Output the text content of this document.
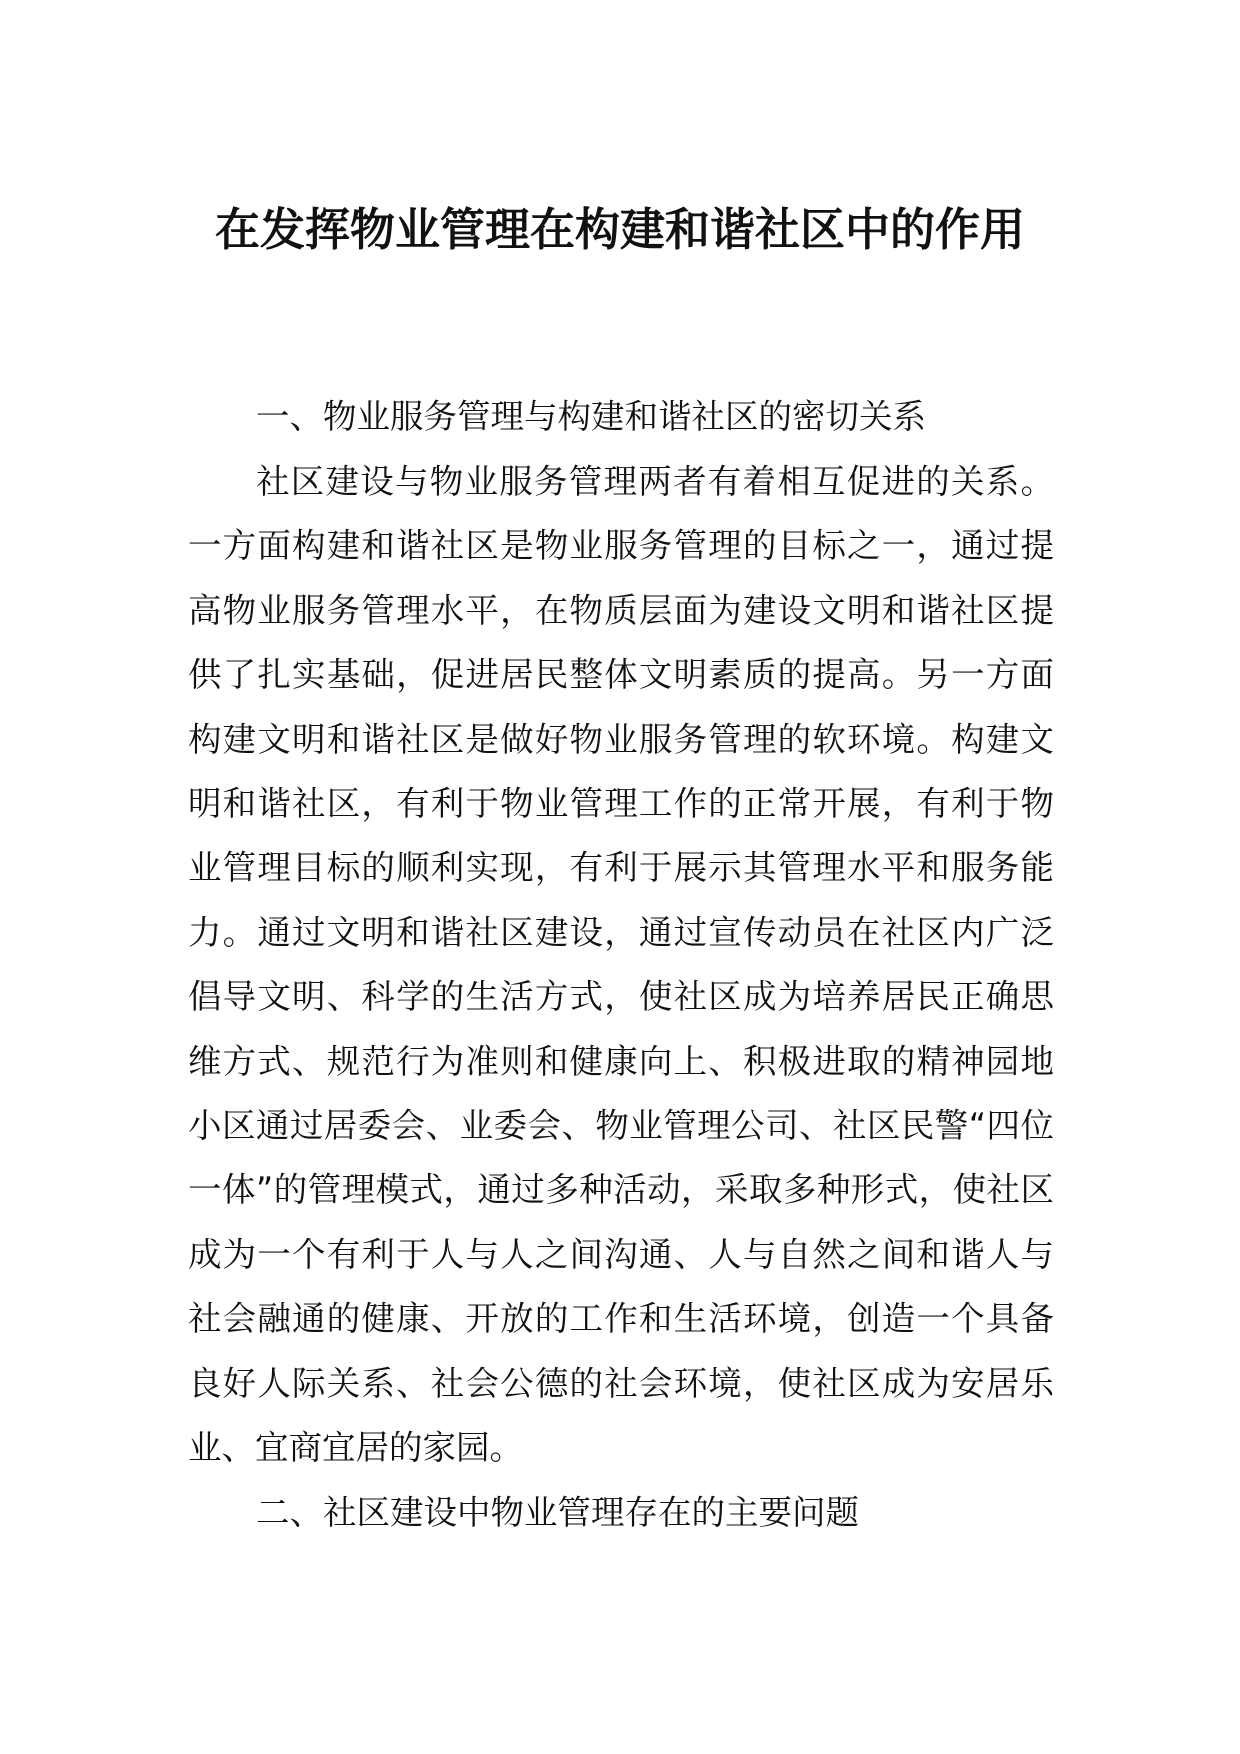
在发挥物业管理在构建和谐社区中的作用

一、物业服务管理与构建和谐社区的密切关系

社区建设与物业服务管理两者有着相互促进的关系。一方面构建和谐社区是物业服务管理的目标之一，通过提高物业服务管理水平，在物质层面为建设文明和谐社区提供了扎实基础，促进居民整体文明素质的提高。另一方面构建文明和谐社区是做好物业服务管理的软环境。构建文明和谐社区，有利于物业管理工作的正常开展，有利于物业管理目标的顺利实现，有利于展示其管理水平和服务能力。通过文明和谐社区建设，通过宣传动员在社区内广泛倡导文明、科学的生活方式，使社区成为培养居民正确思维方式、规范行为准则和健康向上、积极进取的精神园地小区通过居委会、业委会、物业管理公司、社区民警“四位一体”的管理模式，通过多种活动，采取多种形式，使社区成为一个有利于人与人之间沟通、人与自然之间和谐人与社会融通的健康、开放的工作和生活环境，创造一个具备良好人际关系、社会公德的社会环境，使社区成为安居乐业、宜商宜居的家园。

二、社区建设中物业管理存在的主要问题
